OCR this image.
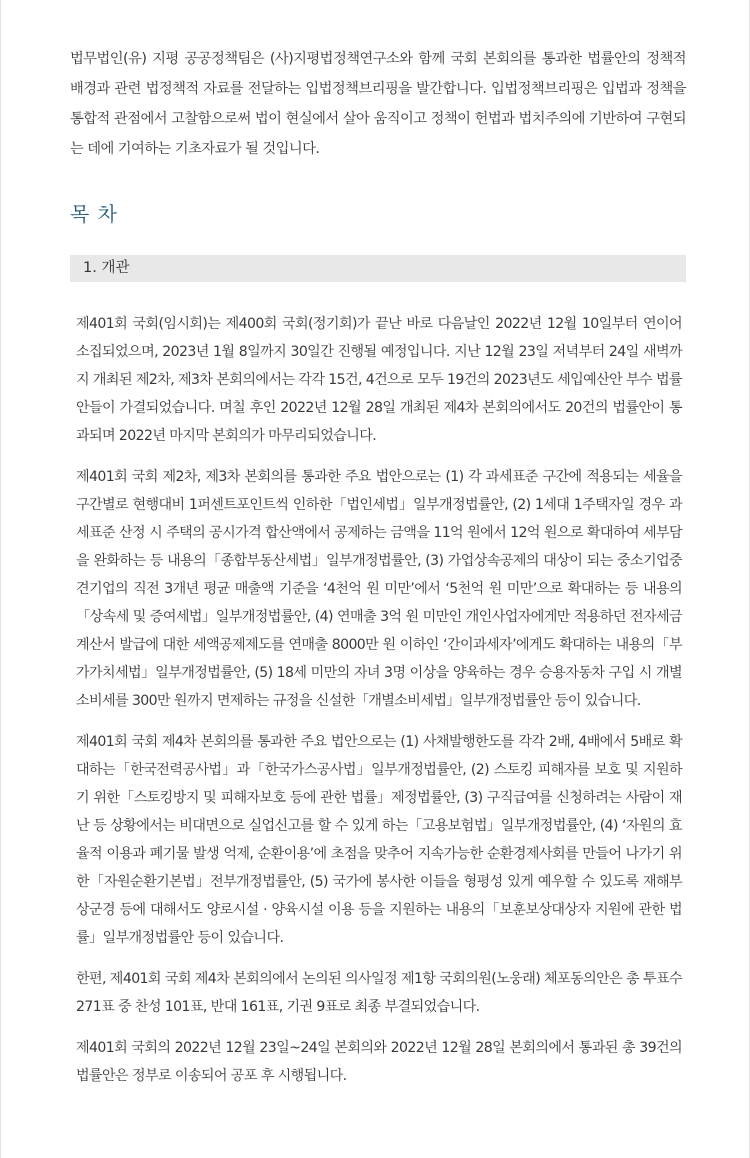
법무법인(유) 지평 공공정책팀은 (사)지평법정책연구소와 함께 국회 본회의를 통과한 법률안의 정책적 배경과 관련 법정책적 자료를 전달하는 입법정책브리핑을 발간합니다. 입법정책브리핑은 입법과 정책을 통합적 관점에서 고찰함으로써 법이 현실에서 살아 움직이고 정책이 헌법과 법치주의에 기반하여 구현되는 데에 기여하는 기초자료가 될 것입니다.

목 차
1. 개관

제401회 국회(임시회)는 제400회 국회(정기회)가 끝난 바로 다음날인 2022년 12월 10일부터 연이어 소집되었으며, 2023년 1월 8일까지 30일간 진행될 예정입니다. 지난 12월 23일 저녁부터 24일 새벽까지 개최된 제2차, 제3차 본회의에서는 각각 15건, 4건으로 모두 19건의 2023년도 세입예산안 부수 법률안들이 가결되었습니다. 며칠 후인 2022년 12월 28일 개최된 제4차 본회의에서도 20건의 법률안이 통과되며 2022년 마지막 본회의가 마무리되었습니다.

제401회 국회 제2차, 제3차 본회의를 통과한 주요 법안으로는 (1) 각 과세표준 구간에 적용되는 세율을 구간별로 현행대비 1퍼센트포인트씩 인하한「법인세법」일부개정법률안, (2) 1세대 1주택자일 경우 과세표준 산정 시 주택의 공시가격 합산액에서 공제하는 금액을 11억 원에서 12억 원으로 확대하여 세부담을 완화하는 등 내용의「종합부동산세법」일부개정법률안, (3) 가업상속공제의 대상이 되는 중소기업중견기업의 직전 3개년 평균 매출액 기준을 ‘4천억 원 미만’에서 ‘5천억 원 미만’으로 확대하는 등 내용의「상속세 및 증여세법」일부개정법률안, (4) 연매출 3억 원 미만인 개인사업자에게만 적용하던 전자세금계산서 발급에 대한 세액공제제도를 연매출 8000만 원 이하인 ‘간이과세자’에게도 확대하는 내용의「부가가치세법」일부개정법률안, (5) 18세 미만의 자녀 3명 이상을 양육하는 경우 승용자동차 구입 시 개별소비세를 300만 원까지 면제하는 규정을 신설한「개별소비세법」일부개정법률안 등이 있습니다.

제401회 국회 제4차 본회의를 통과한 주요 법안으로는 (1) 사채발행한도를 각각 2배, 4배에서 5배로 확대하는「한국전력공사법」과「한국가스공사법」일부개정법률안, (2) 스토킹 피해자를 보호 및 지원하기 위한「스토킹방지 및 피해자보호 등에 관한 법률」제정법률안, (3) 구직급여를 신청하려는 사람이 재난 등 상황에서는 비대면으로 실업신고를 할 수 있게 하는「고용보험법」일부개정법률안, (4) ‘자원의 효율적 이용과 폐기물 발생 억제, 순환이용’에 초점을 맞추어 지속가능한 순환경제사회를 만들어 나가기 위한「자원순환기본법」전부개정법률안, (5) 국가에 봉사한 이들을 형평성 있게 예우할 수 있도록 재해부상군경 등에 대해서도 양로시설 · 양육시설 이용 등을 지원하는 내용의「보훈보상대상자 지원에 관한 법률」일부개정법률안 등이 있습니다.

한편, 제401회 국회 제4차 본회의에서 논의된 의사일정 제1항 국회의원(노웅래) 체포동의안은 총 투표수 271표 중 찬성 101표, 반대 161표, 기권 9표로 최종 부결되었습니다.

제401회 국회의 2022년 12월 23일~24일 본회의와 2022년 12월 28일 본회의에서 통과된 총 39건의 법률안은 정부로 이송되어 공포 후 시행됩니다.
